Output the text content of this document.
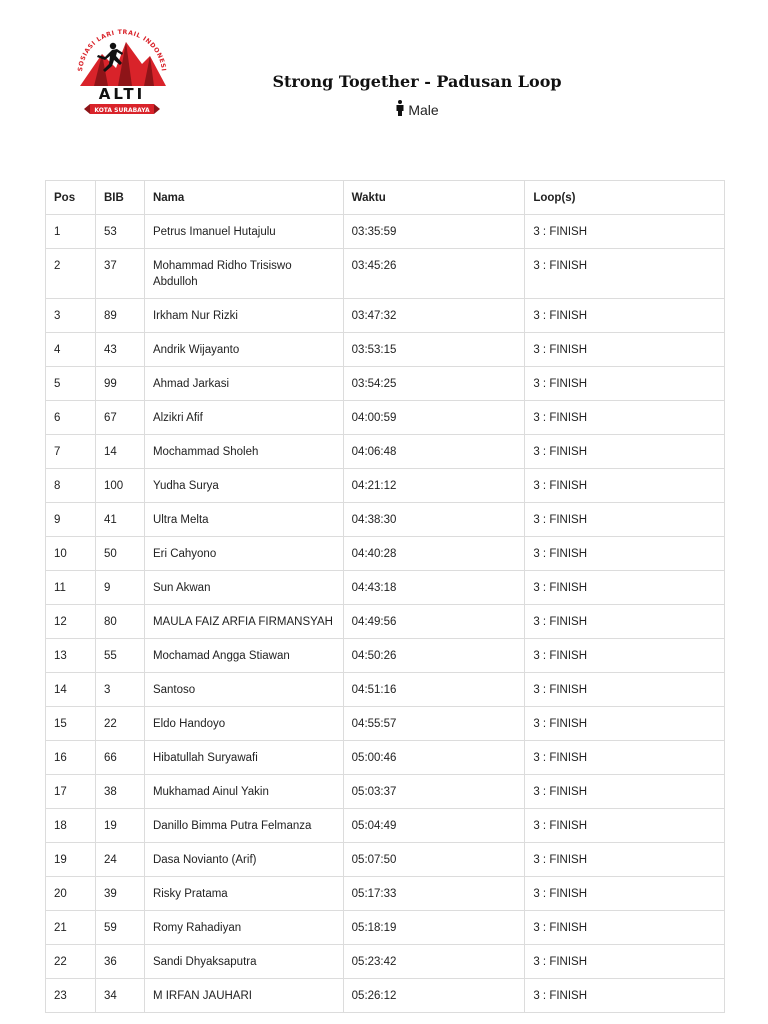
SOSIASI LARI TRAIL INDONESI
ALTI
KOTA SURABAYA
Strong Together - Padusan Loop
Male
Pos	BIB	Nama	Waktu	Loop(s)
1	53	Petrus Imanuel Hutajulu	03:35:59	3 : FINISH
2	37	Mohammad Ridho Trisiswo Abdulloh	03:45:26	3 : FINISH
3	89	Irkham Nur Rizki	03:47:32	3 : FINISH
4	43	Andrik Wijayanto	03:53:15	3 : FINISH
5	99	Ahmad Jarkasi	03:54:25	3 : FINISH
6	67	Alzikri Afif	04:00:59	3 : FINISH
7	14	Mochammad Sholeh	04:06:48	3 : FINISH
8	100	Yudha Surya	04:21:12	3 : FINISH
9	41	Ultra Melta	04:38:30	3 : FINISH
10	50	Eri Cahyono	04:40:28	3 : FINISH
11	9	Sun Akwan	04:43:18	3 : FINISH
12	80	MAULA FAIZ ARFIA FIRMANSYAH	04:49:56	3 : FINISH
13	55	Mochamad Angga Stiawan	04:50:26	3 : FINISH
14	3	Santoso	04:51:16	3 : FINISH
15	22	Eldo Handoyo	04:55:57	3 : FINISH
16	66	Hibatullah Suryawafi	05:00:46	3 : FINISH
17	38	Mukhamad Ainul Yakin	05:03:37	3 : FINISH
18	19	Danillo Bimma Putra Felmanza	05:04:49	3 : FINISH
19	24	Dasa Novianto (Arif)	05:07:50	3 : FINISH
20	39	Risky Pratama	05:17:33	3 : FINISH
21	59	Romy Rahadiyan	05:18:19	3 : FINISH
22	36	Sandi Dhyaksaputra	05:23:42	3 : FINISH
23	34	M IRFAN JAUHARI	05:26:12	3 : FINISH
